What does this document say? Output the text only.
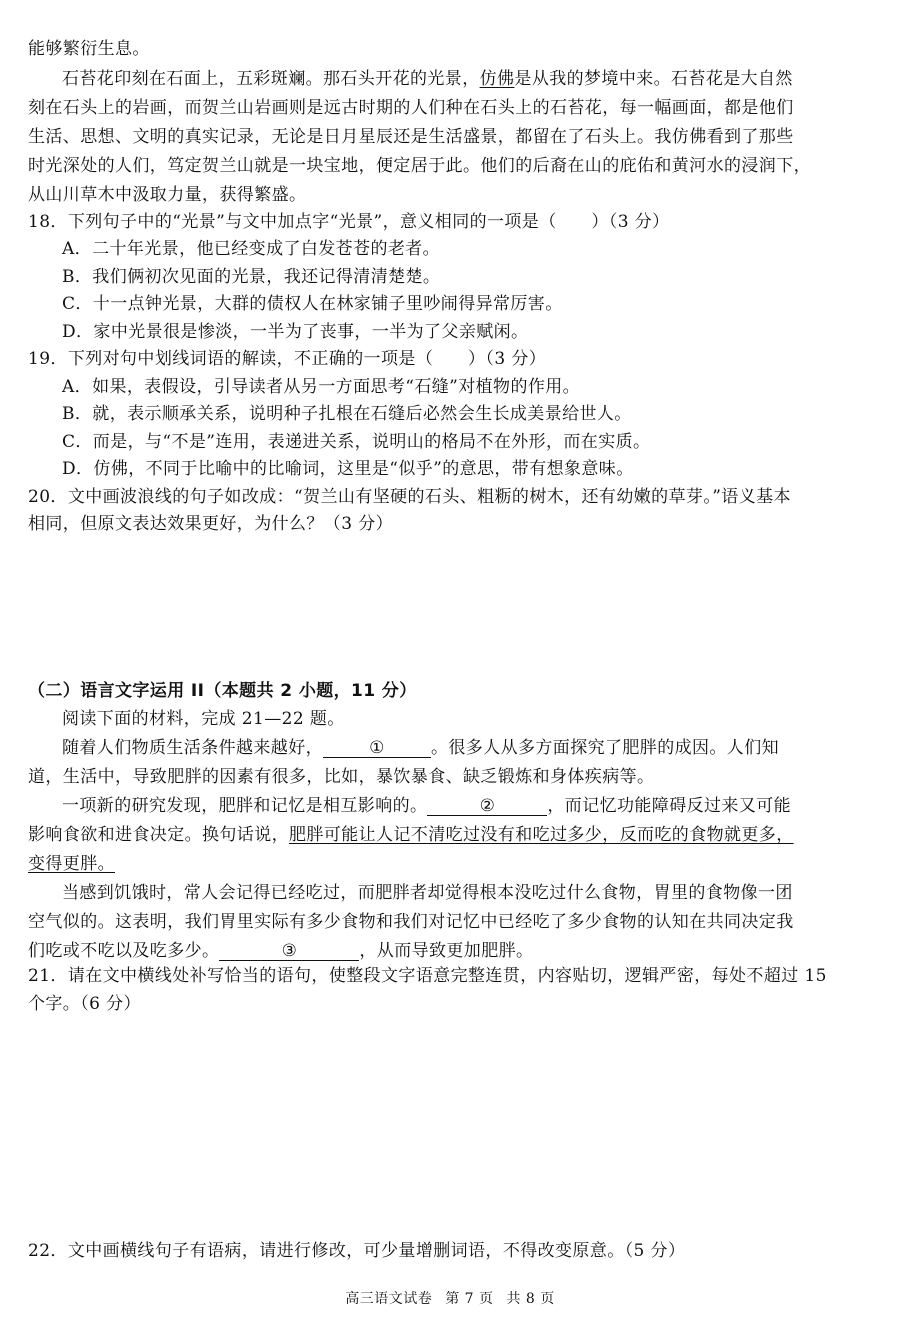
能够繁衍生息。
石苔花印刻在石面上，五彩斑斓。那石头开花的光景，仿佛是从我的梦境中来。石苔花是大自然
刻在石头上的岩画，而贺兰山岩画则是远古时期的人们种在石头上的石苔花，每一幅画面，都是他们
生活、思想、文明的真实记录，无论是日月星辰还是生活盛景，都留在了石头上。我仿佛看到了那些
时光深处的人们，笃定贺兰山就是一块宝地，便定居于此。他们的后裔在山的庇佑和黄河水的浸润下，
从山川草木中汲取力量，获得繁盛。
18．下列句子中的“光景”与文中加点字“光景”，意义相同的一项是（　　）（3 分）
A．二十年光景，他已经变成了白发苍苍的老者。
B．我们俩初次见面的光景，我还记得清清楚楚。
C．十一点钟光景，大群的债权人在林家铺子里吵闹得异常厉害。
D．家中光景很是惨淡，一半为了丧事，一半为了父亲赋闲。
19．下列对句中划线词语的解读，不正确的一项是（　　）（3 分）
A．如果，表假设，引导读者从另一方面思考“石缝”对植物的作用。
B．就，表示顺承关系，说明种子扎根在石缝后必然会生长成美景给世人。
C．而是，与“不是”连用，表递进关系，说明山的格局不在外形，而在实质。
D．仿佛，不同于比喻中的比喻词，这里是“似乎”的意思，带有想象意味。
20．文中画波浪线的句子如改成：“贺兰山有坚硬的石头、粗粝的树木，还有幼嫩的草芽。”语义基本
相同，但原文表达效果更好，为什么？（3 分）
（二）语言文字运用 II（本题共 2 小题，11 分）
阅读下面的材料，完成 21—22 题。
随着人们物质生活条件越来越好，	①	。很多人从多方面探究了肥胖的成因。人们知
道，生活中，导致肥胖的因素有很多，比如，暴饮暴食、缺乏锻炼和身体疾病等。
一项新的研究发现，肥胖和记忆是相互影响的。	②	，而记忆功能障碍反过来又可能
影响食欲和进食决定。换句话说，肥胖可能让人记不清吃过没有和吃过多少，反而吃的食物就更多，
变得更胖。
当感到饥饿时，常人会记得已经吃过，而肥胖者却觉得根本没吃过什么食物，胃里的食物像一团
空气似的。这表明，我们胃里实际有多少食物和我们对记忆中已经吃了多少食物的认知在共同决定我
们吃或不吃以及吃多少。	③	，从而导致更加肥胖。
21．请在文中横线处补写恰当的语句，使整段文字语意完整连贯，内容贴切，逻辑严密，每处不超过 15
个字。（6 分）
22．文中画横线句子有语病，请进行修改，可少量增删词语，不得改变原意。（5 分）
高三语文试卷 第 7 页 共 8 页
